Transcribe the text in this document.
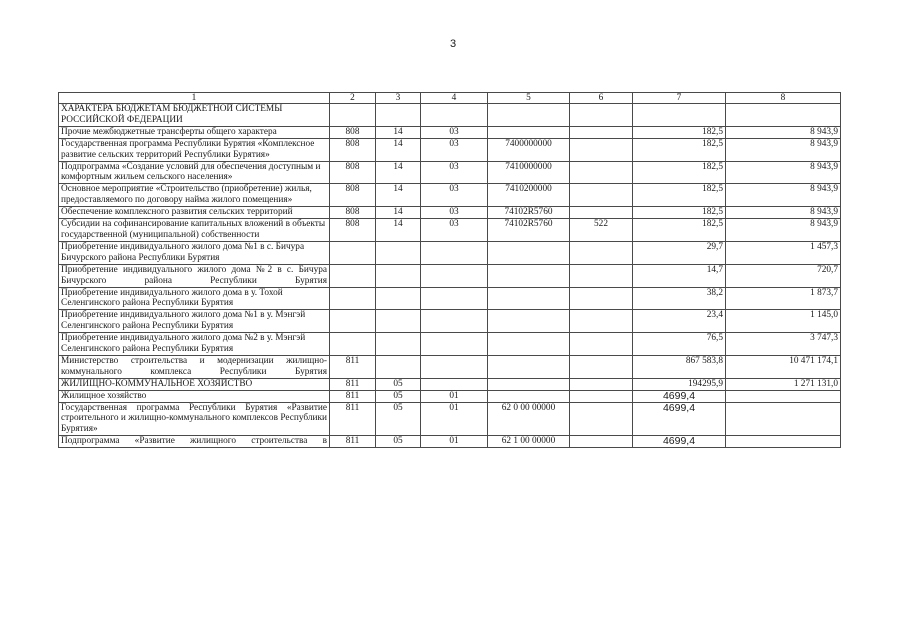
3
1	2	3	4	5	6	7	8
ХАРАКТЕРА БЮДЖЕТАМ БЮДЖЕТНОЙ СИСТЕМЫ РОССИЙСКОЙ ФЕДЕРАЦИИ							
Прочие межбюджетные трансферты общего характера	808	14	03			182,5	8 943,9
Государственная программа Республики Бурятия «Комплексное развитие сельских территорий Республики Бурятия»	808	14	03	7400000000		182,5	8 943,9
Подпрограмма «Создание условий для обеспечения доступным и комфортным жильем сельского населения»	808	14	03	7410000000		182,5	8 943,9
Основное мероприятие «Строительство (приобретение) жилья, предоставляемого по договору найма жилого помещения»	808	14	03	7410200000		182,5	8 943,9
Обеспечение комплексного развития сельских территорий	808	14	03	74102R5760		182,5	8 943,9
Субсидии на софинансирование капитальных вложений в объекты государственной (муниципальной) собственности	808	14	03	74102R5760	522	182,5	8 943,9
Приобретение индивидуального жилого дома №1 в с. Бичура Бичурского района Республики Бурятия						29,7	1 457,3
Приобретение индивидуального жилого дома №2 в с. Бичура Бичурского района Республики Бурятия						14,7	720,7
Приобретение индивидуального жилого дома в у. Тохой Селенгинского района Республики Бурятия						38,2	1 873,7
Приобретение индивидуального жилого дома №1 в у. Мэнгэй Селенгинского района Республики Бурятия						23,4	1 145,0
Приобретение индивидуального жилого дома №2 в у. Мэнгэй Селенгинского района Республики Бурятия						76,5	3 747,3
Министерство строительства и модернизации жилищно-коммунального комплекса Республики Бурятия	811					867 583,8	10 471 174,1
ЖИЛИЩНО-КОММУНАЛЬНОЕ ХОЗЯЙСТВО	811	05				194295,9	1 271 131,0
Жилищное хозяйство	811	05	01			4699,4	
Государственная программа Республики Бурятия «Развитие строительного и жилищно-коммунального комплексов Республики Бурятия»	811	05	01	62 0 00 00000		4699,4	
Подпрограмма «Развитие жилищного строительства в	811	05	01	62 1 00 00000		4699,4	
